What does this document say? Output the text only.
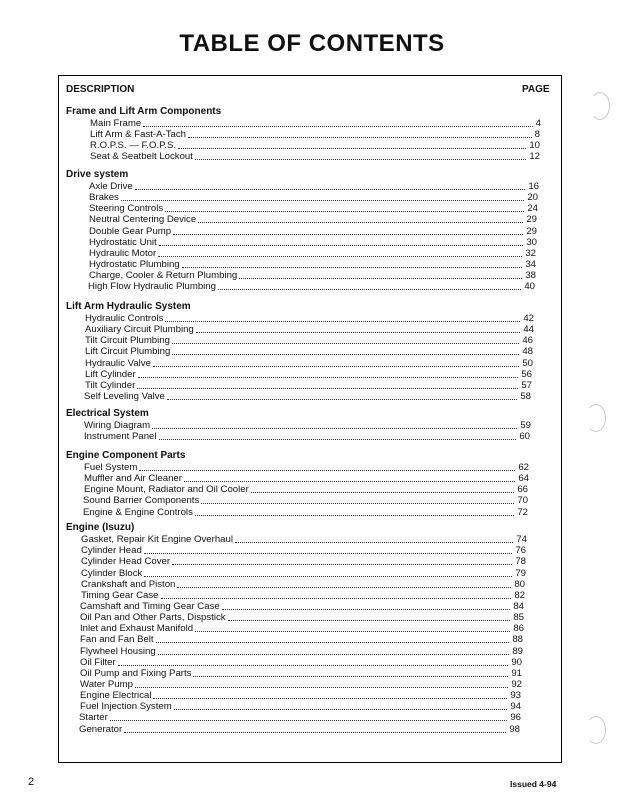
TABLE OF CONTENTS
DESCRIPTION	PAGE
Frame and Lift Arm Components
Main Frame	4
Lift Arm & Fast-A-Tach	8
R.O.P.S. — F.O.P.S.	10
Seat & Seatbelt Lockout	12
Drive system
Axle Drive	16
Brakes	20
Steering Controls	24
Neutral Centering Device	29
Double Gear Pump	29
Hydrostatic Unit	30
Hydraulic Motor	32
Hydrostatic Plumbing	34
Charge, Cooler & Return Plumbing	38
High Flow Hydraulic Plumbing	40
Lift Arm Hydraulic System
Hydraulic Controls	42
Auxiliary Circuit Plumbing	44
Tilt Circuit Plumbing	46
Lift Circuit Plumbing	48
Hydraulic Valve	50
Lift Cylinder	56
Tilt Cylinder	57
Self Leveling Valve	58
Electrical System
Wiring Diagram	59
Instrument Panel	60
Engine Component Parts
Fuel System	62
Muffler and Air Cleaner	64
Engine Mount, Radiator and Oil Cooler	66
Sound Barrier Components	70
Engine & Engine Controls	72
Engine (Isuzu)
Gasket, Repair Kit Engine Overhaul	74
Cylinder Head	76
Cylinder Head Cover	78
Cylinder Block	79
Crankshaft and Piston	80
Timing Gear Case	82
Camshaft and Timing Gear Case	84
Oil Pan and Other Parts, Dispstick	85
Inlet and Exhaust Manifold	86
Fan and Fan Belt	88
Flywheel Housing	89
Oil Filter	90
Oil Pump and Fixing Parts	91
Water Pump	92
Engine Electrical	93
Fuel Injection System	94
Starter	96
Generator	98
2	Issued 4-94
